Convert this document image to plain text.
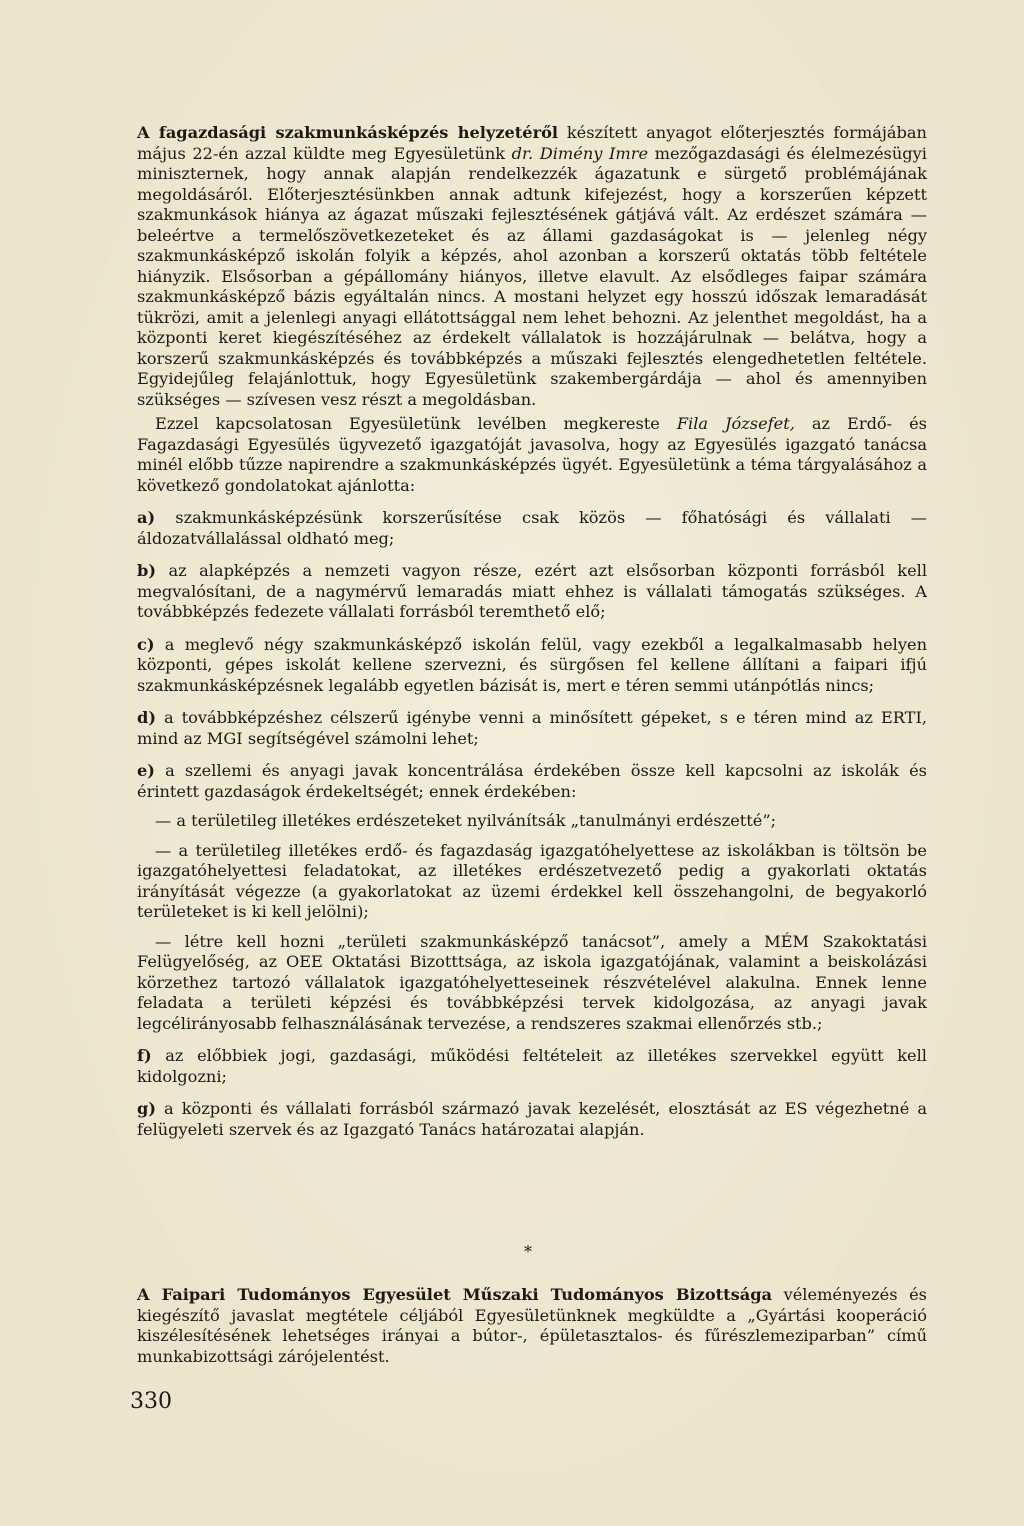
A fagazdasági szakmunkásképzés helyzetéről készített anyagot előterjesztés formájában május 22-én azzal küldte meg Egyesületünk dr. Dimény Imre mezőgazdasági és élelmezésügyi miniszternek, hogy annak alapján rendelkezzék ágazatunk e sürgető problémájának megoldásáról. Előterjesztésünkben annak adtunk kifejezést, hogy a korszerűen képzett szakmunkások hiánya az ágazat műszaki fejlesztésének gátjává vált. Az erdészet számára — beleértve a termelőszövetkezeteket és az állami gazdaságokat is — jelenleg négy szakmunkásképző iskolán folyik a képzés, ahol azonban a korszerű oktatás több feltétele hiányzik. Elsősorban a gépállomány hiányos, illetve elavult. Az elsődleges faipar számára szakmunkásképző bázis egyáltalán nincs. A mostani helyzet egy hosszú időszak lemaradását tükrözi, amit a jelenlegi anyagi ellátottsággal nem lehet behozni. Az jelenthet megoldást, ha a központi keret kiegészítéséhez az érdekelt vállalatok is hozzájárulnak — belátva, hogy a korszerű szakmunkásképzés és továbbképzés a műszaki fejlesztés elengedhetetlen feltétele. Egyidejűleg felajánlottuk, hogy Egyesületünk szakembergárdája — ahol és amennyiben szükséges — szívesen vesz részt a megoldásban.

Ezzel kapcsolatosan Egyesületünk levélben megkereste Fila Józsefet, az Erdő- és Fagazdasági Egyesülés ügyvezető igazgatóját javasolva, hogy az Egyesülés igazgató tanácsa minél előbb tűzze napirendre a szakmunkásképzés ügyét. Egyesületünk a téma tárgyalásához a következő gondolatokat ajánlotta:

a) szakmunkásképzésünk korszerűsítése csak közös — főhatósági és vállalati — áldozatvállalással oldható meg;

b) az alapképzés a nemzeti vagyon része, ezért azt elsősorban központi forrásból kell megvalósítani, de a nagymérvű lemaradás miatt ehhez is vállalati támogatás szükséges. A továbbképzés fedezete vállalati forrásból teremthető elő;

c) a meglevő négy szakmunkásképző iskolán felül, vagy ezekből a legalkalmasabb helyen központi, gépes iskolát kellene szervezni, és sürgősen fel kellene állítani a faipari ifjú szakmunkásképzésnek legalább egyetlen bázisát is, mert e téren semmi utánpótlás nincs;

d) a továbbképzéshez célszerű igénybe venni a minősített gépeket, s e téren mind az ERTI, mind az MGI segítségével számolni lehet;

e) a szellemi és anyagi javak koncentrálása érdekében össze kell kapcsolni az iskolák és érintett gazdaságok érdekeltségét; ennek érdekében:

— a területileg illetékes erdészeteket nyilvánítsák „tanulmányi erdészetté”;

— a területileg illetékes erdő- és fagazdaság igazgatóhelyettese az iskolákban is töltsön be igazgatóhelyettesi feladatokat, az illetékes erdészetvezető pedig a gyakorlati oktatás irányítását végezze (a gyakorlatokat az üzemi érdekkel kell összehangolni, de begyakorló területeket is ki kell jelölni);

— létre kell hozni „területi szakmunkásképző tanácsot”, amely a MÉM Szakoktatási Felügyelőség, az OEE Oktatási Bizotttsága, az iskola igazgatójának, valamint a beiskolázási körzethez tartozó vállalatok igazgatóhelyetteseinek részvételével alakulna. Ennek lenne feladata a területi képzési és továbbképzési tervek kidolgozása, az anyagi javak legcélirányosabb felhasználásának tervezése, a rendszeres szakmai ellenőrzés stb.;

f) az előbbiek jogi, gazdasági, működési feltételeit az illetékes szervekkel együtt kell kidolgozni;

g) a központi és vállalati forrásból származó javak kezelését, elosztását az ES végezhetné a felügyeleti szervek és az Igazgató Tanács határozatai alapján.

*

A Faipari Tudományos Egyesület Műszaki Tudományos Bizottsága véleményezés és kiegészítő javaslat megtétele céljából Egyesületünknek megküldte a „Gyártási kooperáció kiszélesítésének lehetséges irányai a bútor-, épületasztalos- és fűrészlemeziparban” című munkabizottsági zárójelentést.

330
